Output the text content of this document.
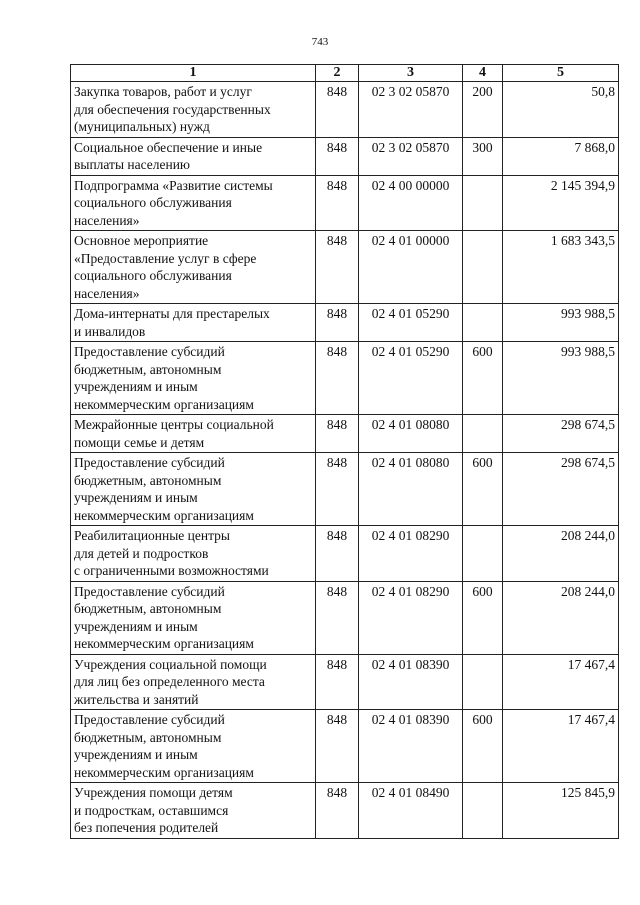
743
1	2	3	4	5

Закупка товаров, работ и услуг
для обеспечения государственных
(муниципальных) нужд	848	02 3 02 05870	200	50,8

Социальное обеспечение и иные
выплаты населению	848	02 3 02 05870	300	7 868,0

Подпрограмма «Развитие системы
социального обслуживания
населения»	848	02 4 00 00000		2 145 394,9

Основное мероприятие
«Предоставление услуг в сфере
социального обслуживания
населения»	848	02 4 01 00000		1 683 343,5

Дома-интернаты для престарелых
и инвалидов	848	02 4 01 05290		993 988,5

Предоставление субсидий
бюджетным, автономным
учреждениям и иным
некоммерческим организациям	848	02 4 01 05290	600	993 988,5

Межрайонные центры социальной
помощи семье и детям	848	02 4 01 08080		298 674,5

Предоставление субсидий
бюджетным, автономным
учреждениям и иным
некоммерческим организациям	848	02 4 01 08080	600	298 674,5

Реабилитационные центры
для детей и подростков
с ограниченными возможностями	848	02 4 01 08290		208 244,0

Предоставление субсидий
бюджетным, автономным
учреждениям и иным
некоммерческим организациям	848	02 4 01 08290	600	208 244,0

Учреждения социальной помощи
для лиц без определенного места
жительства и занятий	848	02 4 01 08390		17 467,4

Предоставление субсидий
бюджетным, автономным
учреждениям и иным
некоммерческим организациям	848	02 4 01 08390	600	17 467,4

Учреждения помощи детям
и подросткам, оставшимся
без попечения родителей	848	02 4 01 08490		125 845,9
